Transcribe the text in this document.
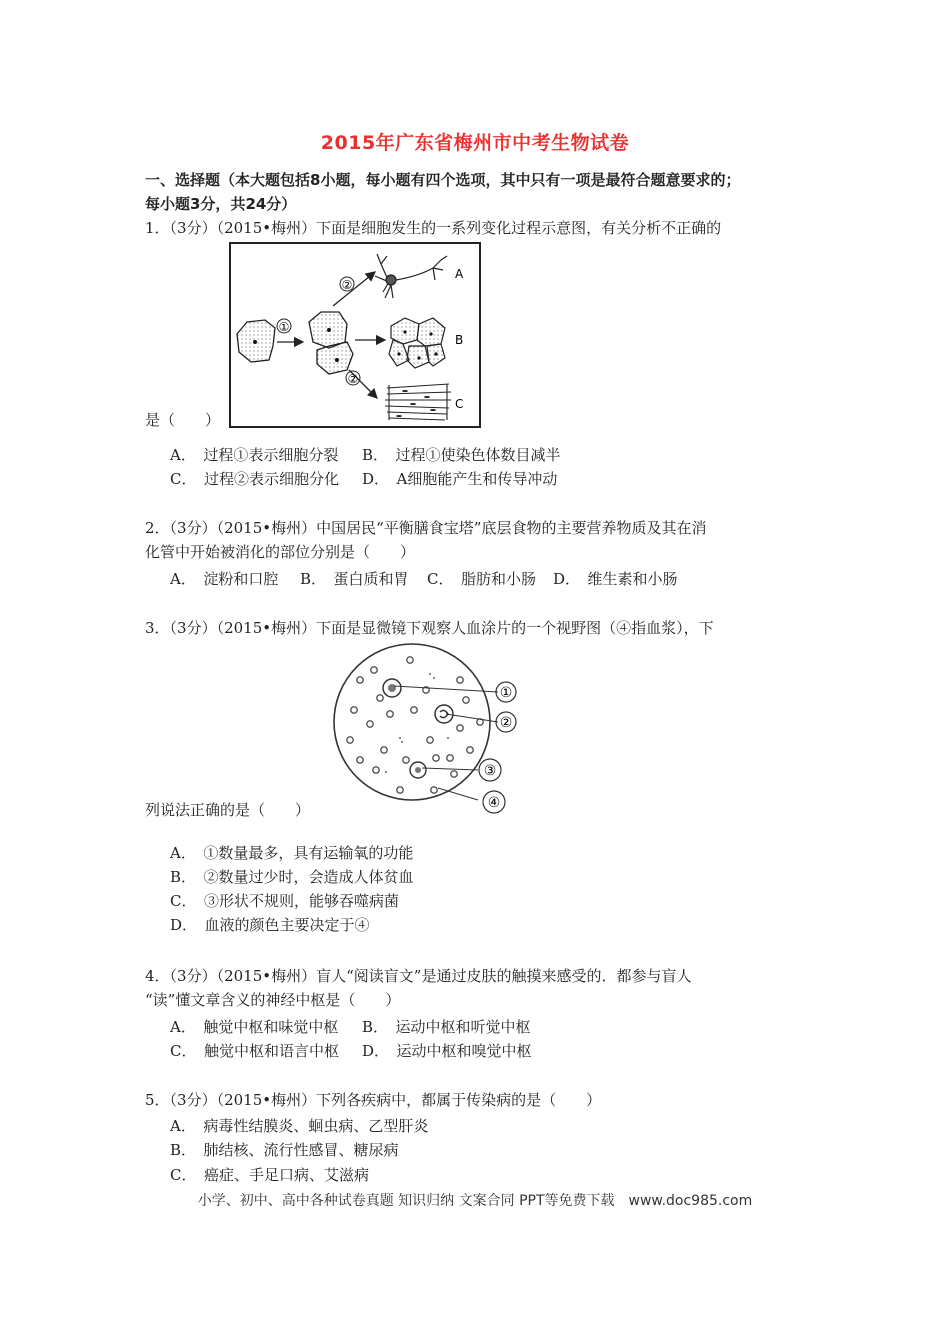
2015年广东省梅州市中考生物试卷
一、选择题（本大题包括8小题，每小题有四个选项，其中只有一项是最符合题意要求的；
每小题3分，共24分）
1．（3分）（2015•梅州）下面是细胞发生的一系列变化过程示意图，有关分析不正确的
①
②
②
A
B
C
是（　　）
A．　过程①表示细胞分裂 B．　过程①使染色体数目减半
C．　过程②表示细胞分化 D．　A细胞能产生和传导冲动
2．（3分）（2015•梅州）中国居民“平衡膳食宝塔”底层食物的主要营养物质及其在消
化管中开始被消化的部位分别是（　　）
A．　淀粉和口腔 B．　蛋白质和胃 C．　脂肪和小肠 D．　维生素和小肠
3．（3分）（2015•梅州）下面是显微镜下观察人血涂片的一个视野图（④指血浆），下
①
②
③
④
列说法正确的是（　　）
A．　①数量最多，具有运输氧的功能
B．　②数量过少时，会造成人体贫血
C．　③形状不规则，能够吞噬病菌
D．　血液的颜色主要决定于④
4．（3分）（2015•梅州）盲人“阅读盲文”是通过皮肤的触摸来感受的．都参与盲人
“读”懂文章含义的神经中枢是（　　）
A．　触觉中枢和味觉中枢 B．　运动中枢和听觉中枢
C．　触觉中枢和语言中枢 D．　运动中枢和嗅觉中枢
5．（3分）（2015•梅州）下列各疾病中，都属于传染病的是（　　）
A．　病毒性结膜炎、蛔虫病、乙型肝炎
B．　肺结核、流行性感冒、糖尿病
C．　癌症、手足口病、艾滋病
小学、初中、高中各种试卷真题 知识归纳 文案合同 PPT等免费下载　www.doc985.com
